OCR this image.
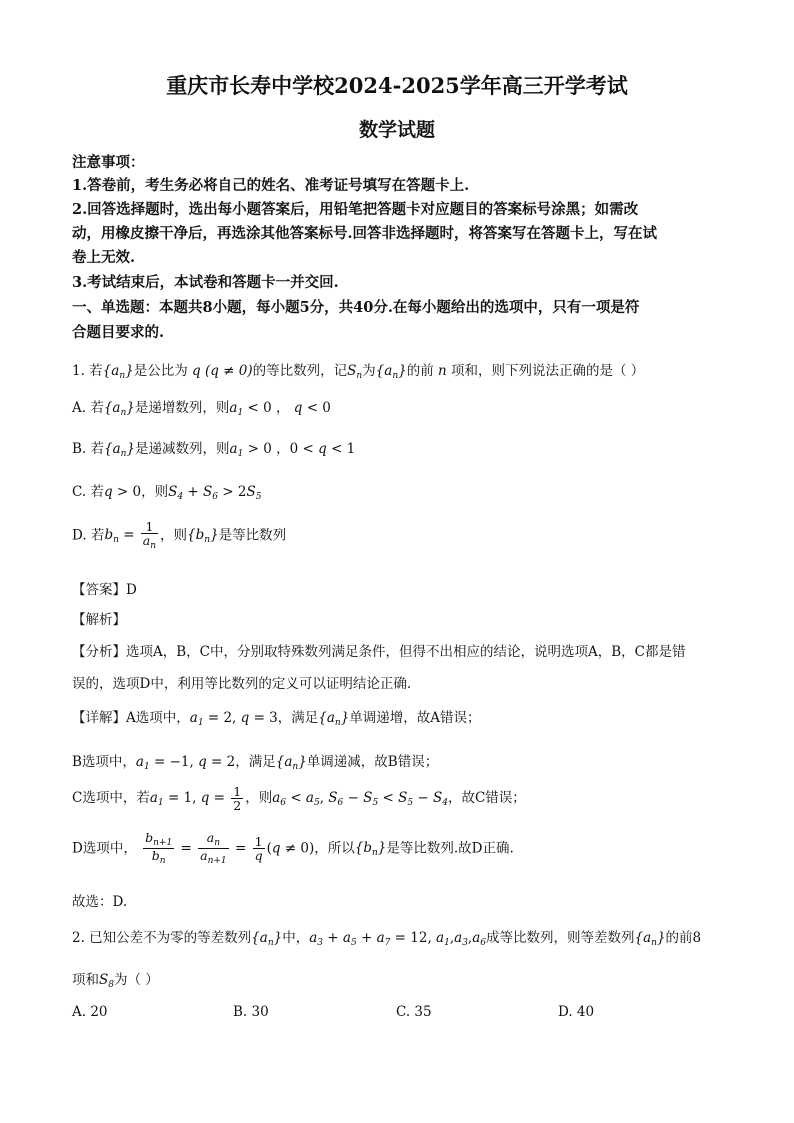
重庆市长寿中学校2024-2025学年高三开学考试
数学试题
注意事项：
1.答卷前，考生务必将自己的姓名、准考证号填写在答题卡上.
2.回答选择题时，选出每小题答案后，用铅笔把答题卡对应题目的答案标号涂黑；如需改
动，用橡皮擦干净后，再选涂其他答案标号.回答非选择题时，将答案写在答题卡上，写在试
卷上无效.
3.考试结束后，本试卷和答题卡一并交回.
一、单选题：本题共8小题，每小题5分，共40分.在每小题给出的选项中，只有一项是符
合题目要求的.
1. 若$\{a_n\}$是公比为 q (q ≠ 0)的等比数列，记$S_n$为$\{a_n\}$的前 n 项和，则下列说法正确的是（ ）
A. 若$\{a_n\}$是递增数列，则$a_1 < 0$ ， q < 0
B. 若$\{a_n\}$是递减数列，则$a_1 > 0$ ，0 < q < 1
C. 若q > 0，则$S_4 + S_6 > 2S_5$
D. 若$b_n = \frac{1}{a_n}$ ，则$\{b_n\}$是等比数列
【答案】D
【解析】
【分析】选项A，B，C中，分别取特殊数列满足条件，但得不出相应的结论，说明选项A，B，C都是错
误的，选项D中，利用等比数列的定义可以证明结论正确.
【详解】A选项中，$a_1 = 2$, q = 3，满足$\{a_n\}$单调递增，故A错误；
B选项中，$a_1 = -1$, q = 2，满足$\{a_n\}$单调递减，故B错误；
C选项中，若$a_1 = 1$, $q = \frac{1}{2}$ ，则$a_6 < a_5$, $S_6 - S_5 < S_5 - S_4$，故C错误；
D选项中， $\frac{b_{n+1}}{b_n} = \frac{a_n}{a_{n+1}} = \frac{1}{q} (q \ne 0)$，所以$\{b_n\}$是等比数列.故D正确.
故选：D.
2. 已知公差不为零的等差数列$\{a_n\}$中，$a_3 + a_5 + a_7 = 12$, $a_1,a_3,a_6$成等比数列，则等差数列$\{a_n\}$的前8
项和$S_8$为（ ）
A. 20	B. 30	C. 35	D. 40
